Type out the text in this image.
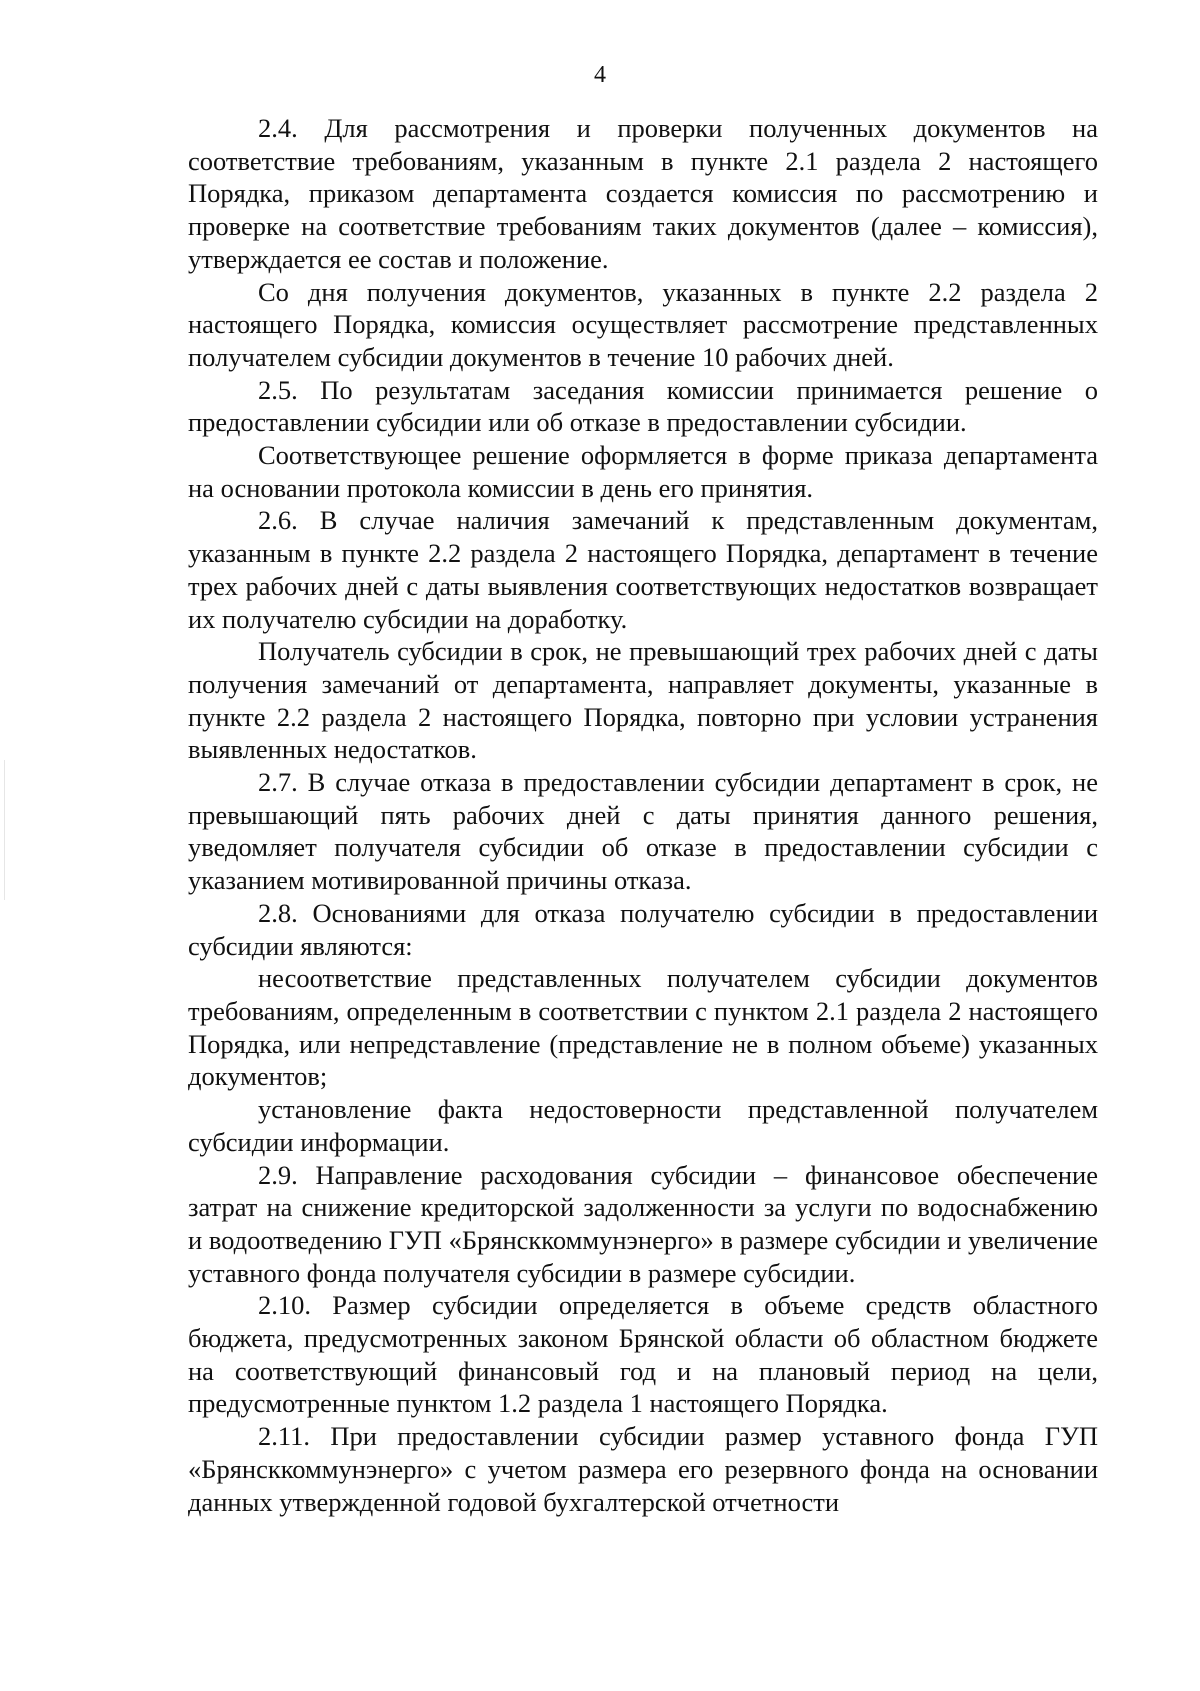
4

2.4. Для рассмотрения и проверки полученных документов на соответствие требованиям, указанным в пункте 2.1 раздела 2 настоящего Порядка, приказом департамента создается комиссия по рассмотрению и проверке на соответствие требованиям таких документов (далее – комиссия), утверждается ее состав и положение.

Со дня получения документов, указанных в пункте 2.2 раздела 2 настоящего Порядка, комиссия осуществляет рассмотрение представленных получателем субсидии документов в течение 10 рабочих дней.

2.5. По результатам заседания комиссии принимается решение о предоставлении субсидии или об отказе в предоставлении субсидии.

Соответствующее решение оформляется в форме приказа департамента на основании протокола комиссии в день его принятия.

2.6. В случае наличия замечаний к представленным документам, указанным в пункте 2.2 раздела 2 настоящего Порядка, департамент в течение трех рабочих дней с даты выявления соответствующих недостатков возвращает их получателю субсидии на доработку.

Получатель субсидии в срок, не превышающий трех рабочих дней с даты получения замечаний от департамента, направляет документы, указанные в пункте 2.2 раздела 2 настоящего Порядка, повторно при условии устранения выявленных недостатков.

2.7. В случае отказа в предоставлении субсидии департамент в срок, не превышающий пять рабочих дней с даты принятия данного решения, уведомляет получателя субсидии об отказе в предоставлении субсидии с указанием мотивированной причины отказа.

2.8. Основаниями для отказа получателю субсидии в предоставлении субсидии являются:

несоответствие представленных получателем субсидии документов требованиям, определенным в соответствии с пунктом 2.1 раздела 2 настоящего Порядка, или непредставление (представление не в полном объеме) указанных документов;

установление факта недостоверности представленной получателем субсидии информации.

2.9. Направление расходования субсидии – финансовое обеспечение затрат на снижение кредиторской задолженности за услуги по водоснабжению и водоотведению ГУП «Брянсккоммунэнерго» в размере субсидии и увеличение уставного фонда получателя субсидии в размере субсидии.

2.10. Размер субсидии определяется в объеме средств областного бюджета, предусмотренных законом Брянской области об областном бюджете на соответствующий финансовый год и на плановый период на цели, предусмотренные пунктом 1.2 раздела 1 настоящего Порядка.

2.11. При предоставлении субсидии размер уставного фонда ГУП «Брянсккоммунэнерго» с учетом размера его резервного фонда на основании данных утвержденной годовой бухгалтерской отчетности
